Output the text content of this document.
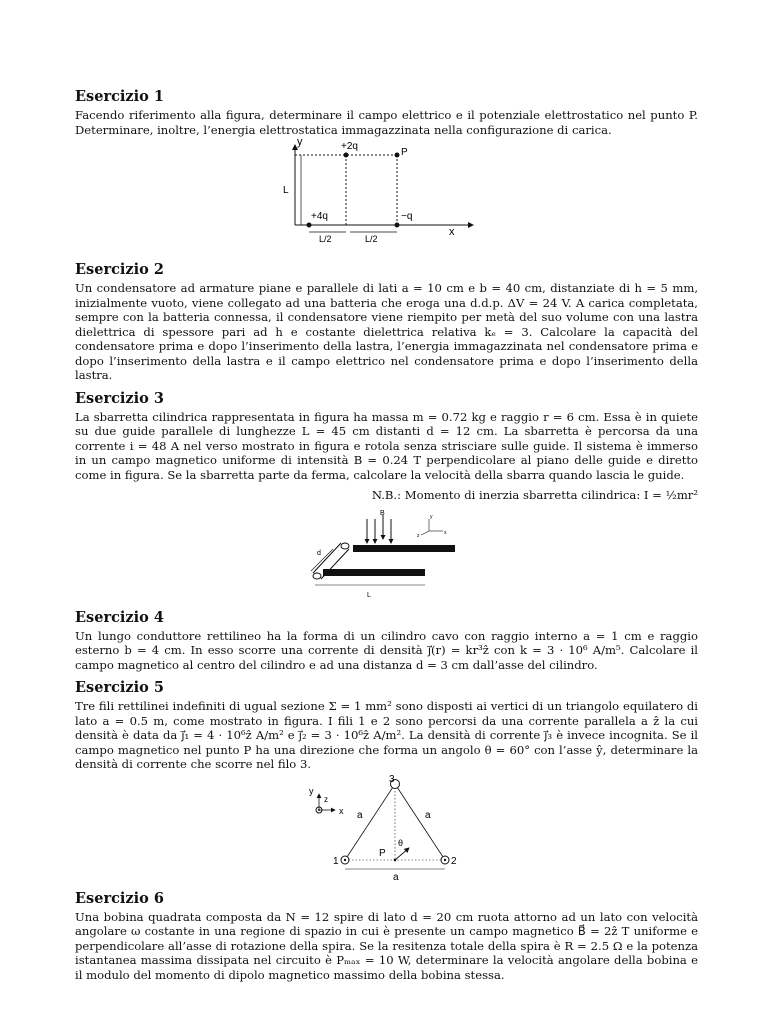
Esercizio 1

Facendo riferimento alla figura, determinare il campo elettrico e il potenziale elettrostatico nel punto P. Determinare, inoltre, l’energia elettrostatica immagazzinata nella configurazione di carica.

y	+2q
P
L
+4q	−q
x
L/2	L/2
Esercizio 2

Un condensatore ad armature piane e parallele di lati a = 10 cm e b = 40 cm, distanziate di h = 5 mm, inizialmente vuoto, viene collegato ad una batteria che eroga una d.d.p. ΔV = 24 V. A carica completata, sempre con la batteria connessa, il condensatore viene riempito per metà del suo volume con una lastra dielettrica di spessore pari ad h e costante dielettrica relativa kₑ = 3. Calcolare la capacità del condensatore prima e dopo l’inserimento della lastra, l’energia immagazzinata nel condensatore prima e dopo l’inserimento della lastra e il campo elettrico nel condensatore prima e dopo l’inserimento della lastra.

Esercizio 3

La sbarretta cilindrica rappresentata in figura ha massa m = 0.72 kg e raggio r = 6 cm. Essa è in quiete su due guide parallele di lunghezze L = 45 cm distanti d = 12 cm. La sbarretta è percorsa da una corrente i = 48 A nel verso mostrato in figura e rotola senza strisciare sulle guide. Il sistema è immerso in un campo magnetico uniforme di intensità B = 0.24 T perpendicolare al piano delle guide e diretto come in figura. Se la sbarretta parte da ferma, calcolare la velocità della sbarra quando lascia le guide.

N.B.: Momento di inerzia sbarretta cilindrica: I = ½mr²

B
x
y
z
d
L
Esercizio 4

Un lungo conduttore rettilineo ha la forma di un cilindro cavo con raggio interno a = 1 cm e raggio esterno b = 4 cm. In esso scorre una corrente di densità j⃗(r) = kr³ẑ con k = 3 · 10⁶ A/m⁵. Calcolare il campo magnetico al centro del cilindro e ad una distanza d = 3 cm dall’asse del cilindro.

Esercizio 5

Tre fili rettilinei indefiniti di ugual sezione Σ = 1 mm² sono disposti ai vertici di un triangolo equilatero di lato a = 0.5 m, come mostrato in figura. I fili 1 e 2 sono percorsi da una corrente parallela a ẑ la cui densità è data da j⃗₁ = 4 · 10⁶ẑ A/m² e j⃗₂ = 3 · 10⁶ẑ A/m². La densità di corrente j⃗₃ è invece incognita. Se il campo magnetico nel punto P ha una direzione che forma un angolo θ = 60° con l’asse ŷ, determinare la densità di corrente che scorre nel filo 3.

y
z
x
3
1	2
a	a
P
θ
a
Esercizio 6

Una bobina quadrata composta da N = 12 spire di lato d = 20 cm ruota attorno ad un lato con velocità angolare ω costante in una regione di spazio in cui è presente un campo magnetico B⃗ = 2ẑ T uniforme e perpendicolare all’asse di rotazione della spira. Se la resitenza totale della spira è R = 2.5 Ω e la potenza istantanea massima dissipata nel circuito è Pₘₐₓ = 10 W, determinare la velocità angolare della bobina e il modulo del momento di dipolo magnetico massimo della bobina stessa.
